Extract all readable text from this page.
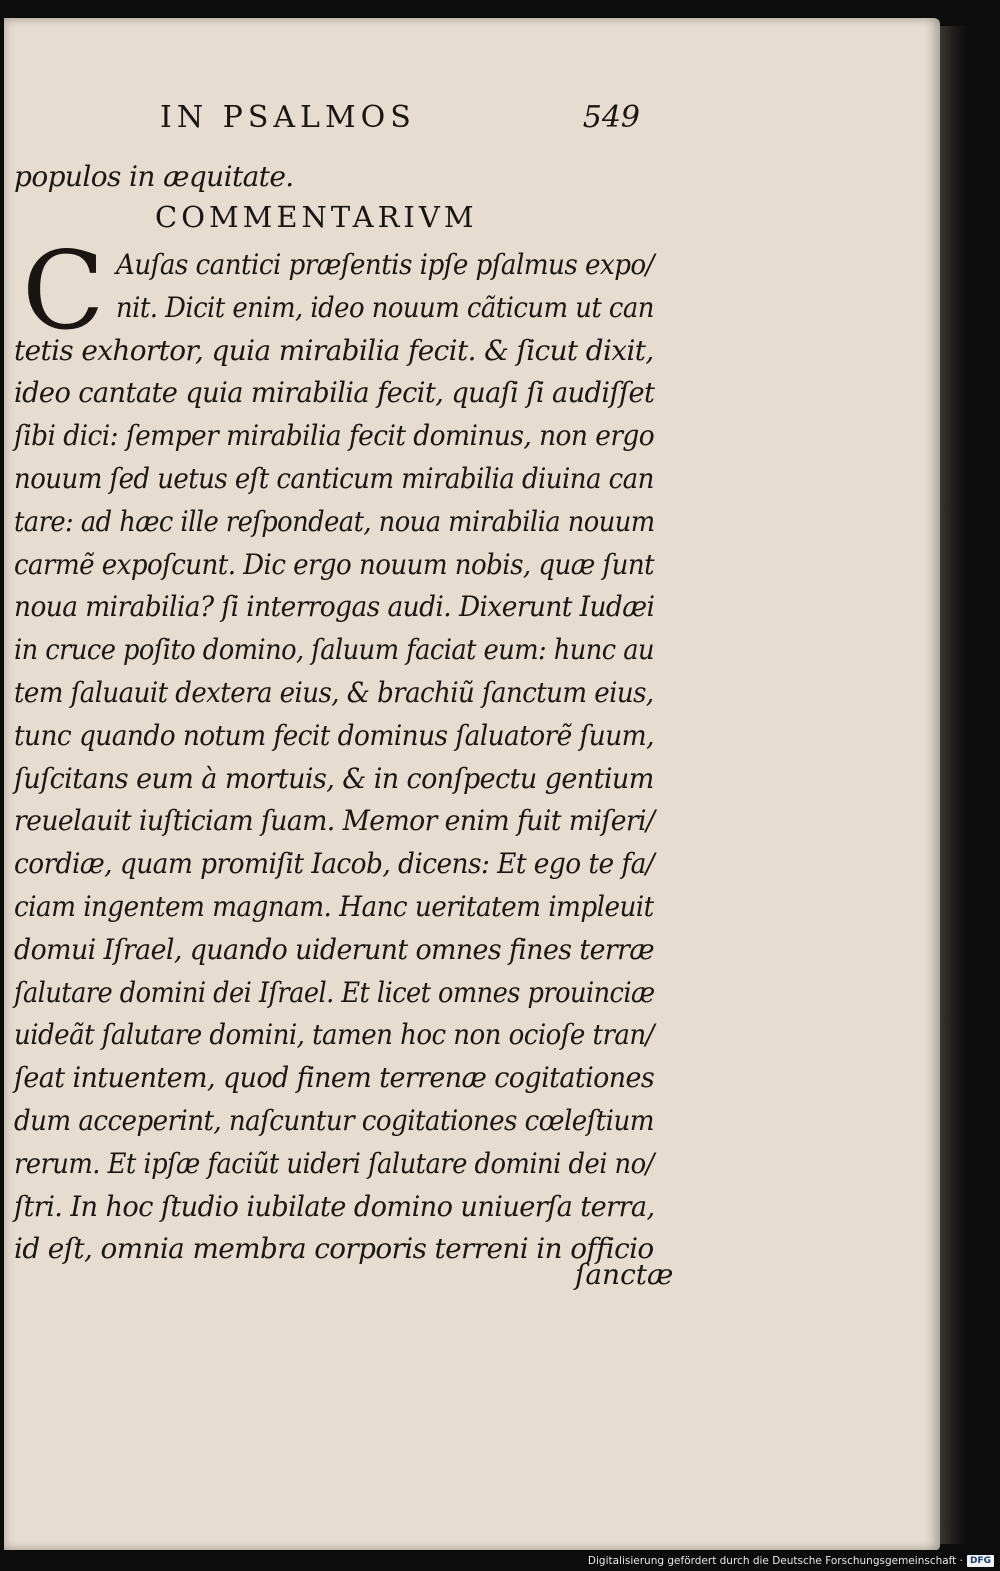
IN PSALMOS	549
populos in æquitate.
COMMENTARIVM
C Auſas cantici præſentis ipſe pſalmus expo/
nit. Dicit enim, ideo nouum cãticum ut can
tetis exhortor, quia mirabilia fecit. & ſicut dixit,
ideo cantate quia mirabilia fecit, quaſi ſi audiſſet
ſibi dici: ſemper mirabilia fecit dominus, non ergo
nouum ſed uetus eſt canticum mirabilia diuina can
tare: ad hæc ille reſpondeat, noua mirabilia nouum
carmẽ expoſcunt. Dic ergo nouum nobis, quæ ſunt
noua mirabilia? ſi interrogas audi. Dixerunt Iudæi
in cruce poſito domino, ſaluum faciat eum: hunc au
tem ſaluauit dextera eius, & brachiũ ſanctum eius,
tunc quando notum fecit dominus ſaluatorẽ ſuum,
ſuſcitans eum à mortuis, & in conſpectu gentium
reuelauit iuſticiam ſuam. Memor enim fuit miſeri/
cordiæ, quam promiſit Iacob, dicens: Et ego te fa/
ciam ingentem magnam. Hanc ueritatem impleuit
domui Iſrael, quando uiderunt omnes fines terræ
ſalutare domini dei Iſrael. Et licet omnes prouinciæ
uideãt ſalutare domini, tamen hoc non ocioſe tran/
ſeat intuentem, quod finem terrenæ cogitationes
dum acceperint, naſcuntur cogitationes cœleſtium
rerum. Et ipſæ faciũt uideri ſalutare domini dei no/
ſtri. In hoc ſtudio iubilate domino uniuerſa terra,
id eſt, omnia membra corporis terreni in officio
ſanctæ
Digitalisierung gefördert durch die Deutsche Forschungsgemeinschaft · DFG
